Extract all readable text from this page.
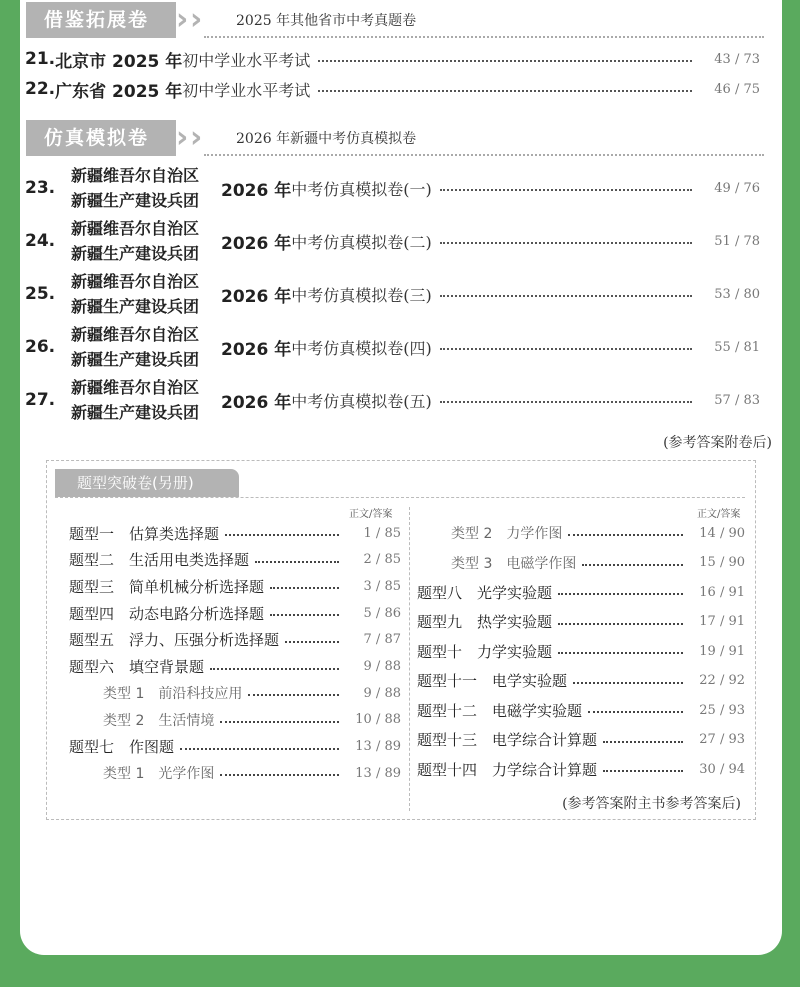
借鉴拓展卷 › › 2025 年其他省市中考真题卷
21. 北京市 2025 年 初中学业水平考试	43 / 73
22. 广东省 2025 年 初中学业水平考试	46 / 75
仿真模拟卷 › › 2026 年新疆中考仿真模拟卷
23.
新疆维吾尔自治区
新疆生产建设兵团	2026 年 中考仿真模拟卷(一)	49 / 76
24.
新疆维吾尔自治区
新疆生产建设兵团	2026 年 中考仿真模拟卷(二)	51 / 78
25.
新疆维吾尔自治区
新疆生产建设兵团	2026 年 中考仿真模拟卷(三)	53 / 80
26.
新疆维吾尔自治区
新疆生产建设兵团	2026 年 中考仿真模拟卷(四)	55 / 81
27.
新疆维吾尔自治区
新疆生产建设兵团	2026 年 中考仿真模拟卷(五)	57 / 83
(参考答案附卷后)
题型突破卷(另册)
正文/答案	正文/答案
题型一　估算类选择题	1 / 85
题型二　生活用电类选择题	2 / 85
题型三　简单机械分析选择题	3 / 85
题型四　动态电路分析选择题	5 / 86
题型五　浮力、压强分析选择题	7 / 87
题型六　填空背景题	9 / 88
类型 1　前沿科技应用	9 / 88
类型 2　生活情境	10 / 88
题型七　作图题	13 / 89
类型 1　光学作图	13 / 89
类型 2　力学作图	14 / 90
类型 3　电磁学作图	15 / 90
题型八　光学实验题	16 / 91
题型九　热学实验题	17 / 91
题型十　力学实验题	19 / 91
题型十一　电学实验题	22 / 92
题型十二　电磁学实验题	25 / 93
题型十三　电学综合计算题	27 / 93
题型十四　力学综合计算题	30 / 94
(参考答案附主书参考答案后)
